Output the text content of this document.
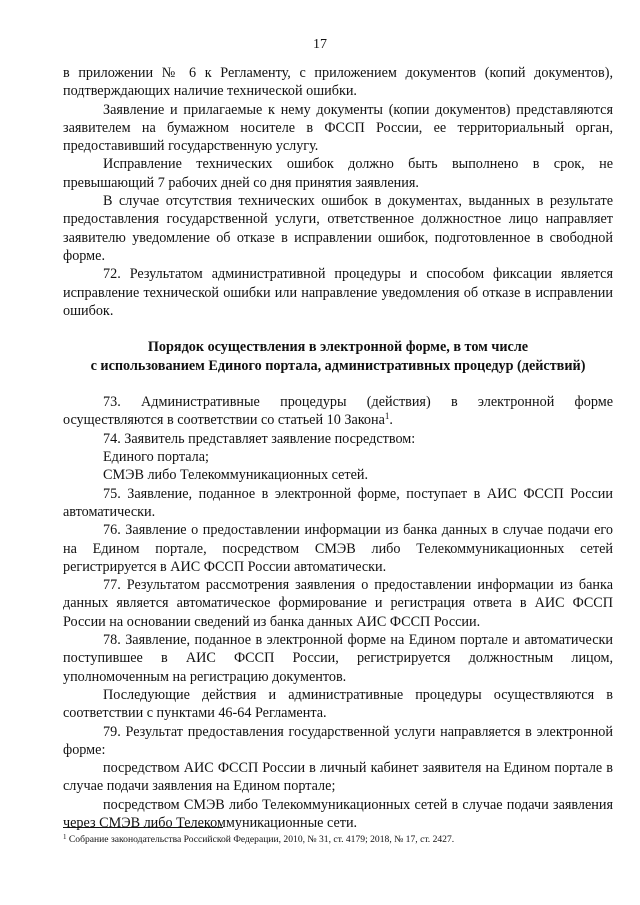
17

в приложении № 6 к Регламенту, с приложением документов (копий документов), подтверждающих наличие технической ошибки.

Заявление и прилагаемые к нему документы (копии документов) представляются заявителем на бумажном носителе в ФССП России, ее территориальный орган, предоставивший государственную услугу.

Исправление технических ошибок должно быть выполнено в срок, не превышающий 7 рабочих дней со дня принятия заявления.

В случае отсутствия технических ошибок в документах, выданных в результате предоставления государственной услуги, ответственное должностное лицо направляет заявителю уведомление об отказе в исправлении ошибок, подготовленное в свободной форме.

72. Результатом административной процедуры и способом фиксации является исправление технической ошибки или направление уведомления об отказе в исправлении ошибок.

Порядок осуществления в электронной форме, в том числе
с использованием Единого портала, административных процедур (действий)

73. Административные процедуры (действия) в электронной форме осуществляются в соответствии со статьей 10 Закона$^1$.

74. Заявитель представляет заявление посредством:

Единого портала;

СМЭВ либо Телекоммуникационных сетей.

75. Заявление, поданное в электронной форме, поступает в АИС ФССП России автоматически.

76. Заявление о предоставлении информации из банка данных в случае подачи его на Едином портале, посредством СМЭВ либо Телекоммуникационных сетей регистрируется в АИС ФССП России автоматически.

77. Результатом рассмотрения заявления о предоставлении информации из банка данных является автоматическое формирование и регистрация ответа в АИС ФССП России на основании сведений из банка данных АИС ФССП России.

78. Заявление, поданное в электронной форме на Едином портале и автоматически поступившее в АИС ФССП России, регистрируется должностным лицом, уполномоченным на регистрацию документов.

Последующие действия и административные процедуры осуществляются в соответствии с пунктами 46-64 Регламента.

79. Результат предоставления государственной услуги направляется в электронной форме:

посредством АИС ФССП России в личный кабинет заявителя на Едином портале в случае подачи заявления на Едином портале;

посредством СМЭВ либо Телекоммуникационных сетей в случае подачи заявления через СМЭВ либо Телекоммуникационные сети.

$^1$ Собрание законодательства Российской Федерации, 2010, № 31, ст. 4179; 2018, № 17, ст. 2427.
